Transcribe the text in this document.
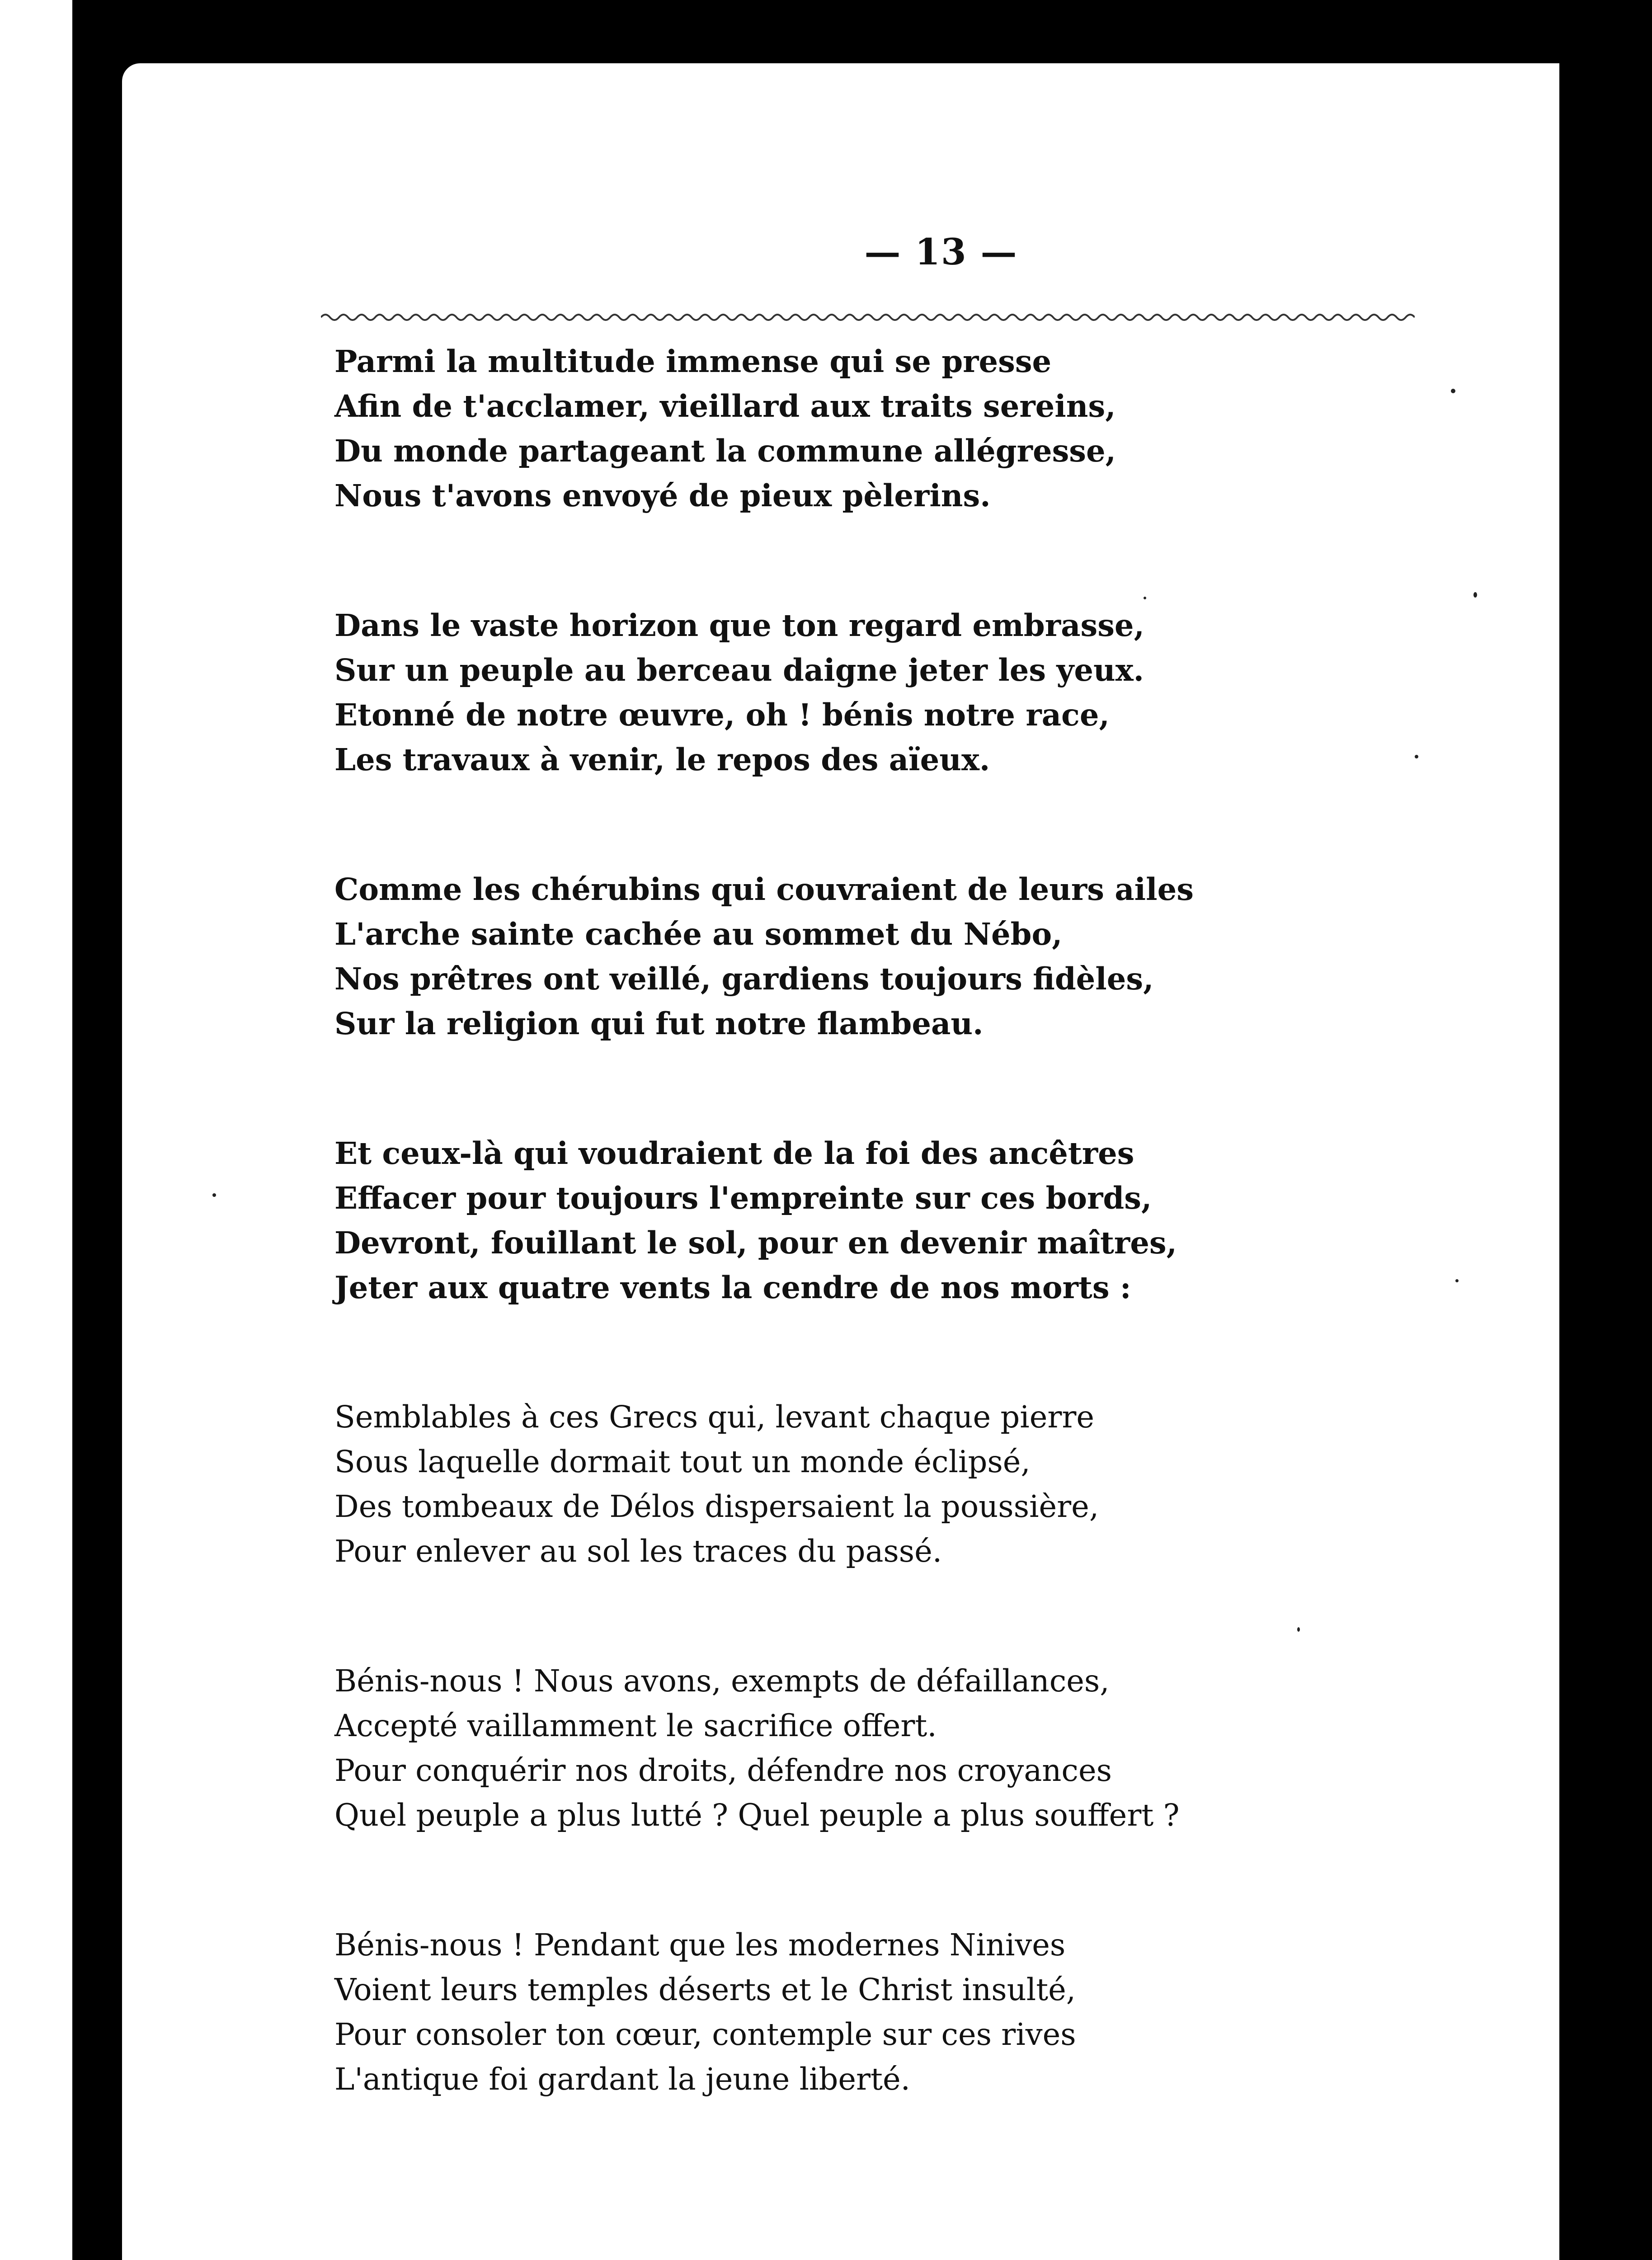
— 13 —
Parmi la multitude immense qui se presse
Afin de t'acclamer, vieillard aux traits sereins,
Du monde partageant la commune allégresse,
Nous t'avons envoyé de pieux pèlerins.
Dans le vaste horizon que ton regard embrasse,
Sur un peuple au berceau daigne jeter les yeux.
Etonné de notre œuvre, oh ! bénis notre race,
Les travaux à venir, le repos des aïeux.
Comme les chérubins qui couvraient de leurs ailes
L'arche sainte cachée au sommet du Nébo,
Nos prêtres ont veillé, gardiens toujours fidèles,
Sur la religion qui fut notre flambeau.
Et ceux-là qui voudraient de la foi des ancêtres
Effacer pour toujours l'empreinte sur ces bords,
Devront, fouillant le sol, pour en devenir maîtres,
Jeter aux quatre vents la cendre de nos morts :
Semblables à ces Grecs qui, levant chaque pierre
Sous laquelle dormait tout un monde éclipsé,
Des tombeaux de Délos dispersaient la poussière,
Pour enlever au sol les traces du passé.
Bénis-nous ! Nous avons, exempts de défaillances,
Accepté vaillamment le sacrifice offert.
Pour conquérir nos droits, défendre nos croyances
Quel peuple a plus lutté ? Quel peuple a plus souffert ?
Bénis-nous ! Pendant que les modernes Ninives
Voient leurs temples déserts et le Christ insulté,
Pour consoler ton cœur, contemple sur ces rives
L'antique foi gardant la jeune liberté.
